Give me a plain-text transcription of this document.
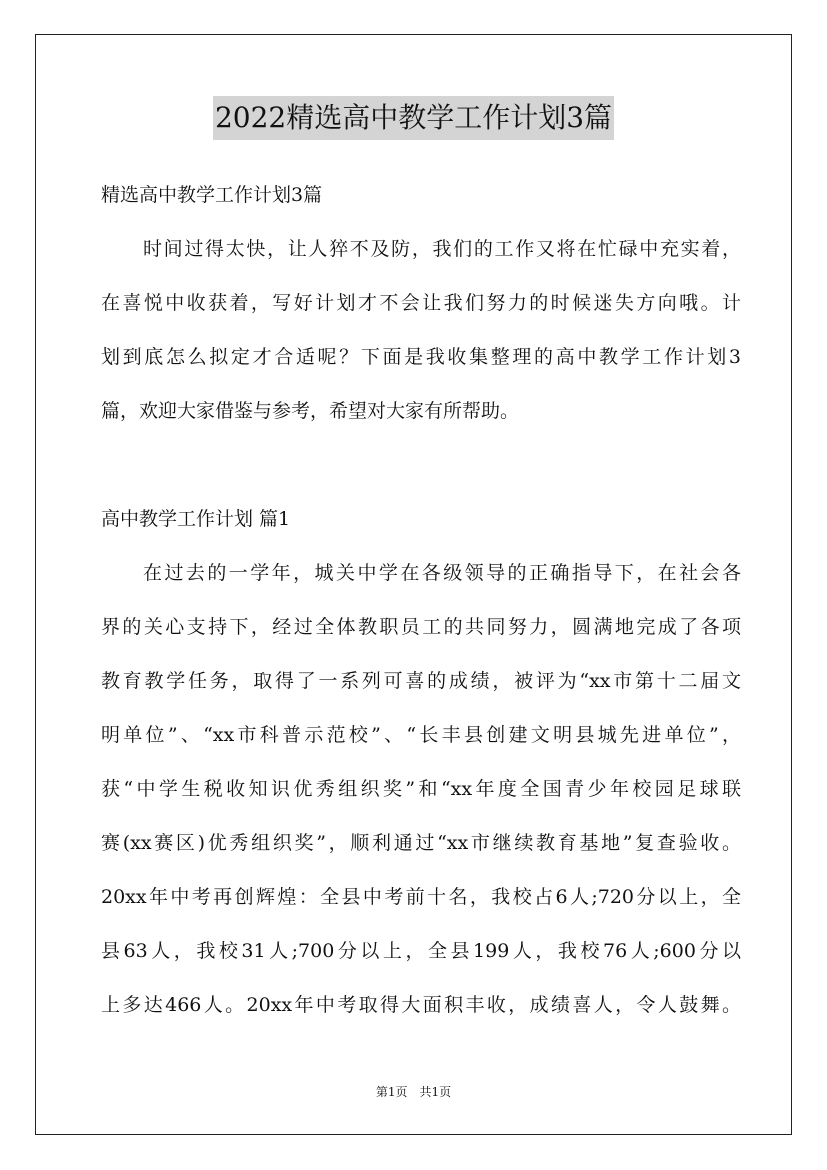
2022精选高中教学工作计划3篇

精选高中教学工作计划3篇

时间过得太快，让人猝不及防，我们的工作又将在忙碌中充实着，

在喜悦中收获着，写好计划才不会让我们努力的时候迷失方向哦。计

划到底怎么拟定才合适呢？下面是我收集整理的高中教学工作计划3

篇，欢迎大家借鉴与参考，希望对大家有所帮助。

高中教学工作计划 篇1

在过去的一学年，城关中学在各级领导的正确指导下，在社会各

界的关心支持下，经过全体教职员工的共同努力，圆满地完成了各项

教育教学任务，取得了一系列可喜的成绩，被评为“xx市第十二届文

明单位”、“xx市科普示范校”、“长丰县创建文明县城先进单位”，

获“中学生税收知识优秀组织奖”和“xx年度全国青少年校园足球联

赛(xx赛区)优秀组织奖”，顺利通过“xx市继续教育基地”复查验收。

20xx年中考再创辉煌：全县中考前十名，我校占6人;720分以上，全

县63人，我校31人;700分以上，全县199人，我校76人;600分以

上多达466人。20xx年中考取得大面积丰收，成绩喜人，令人鼓舞。

第1页 共1页
